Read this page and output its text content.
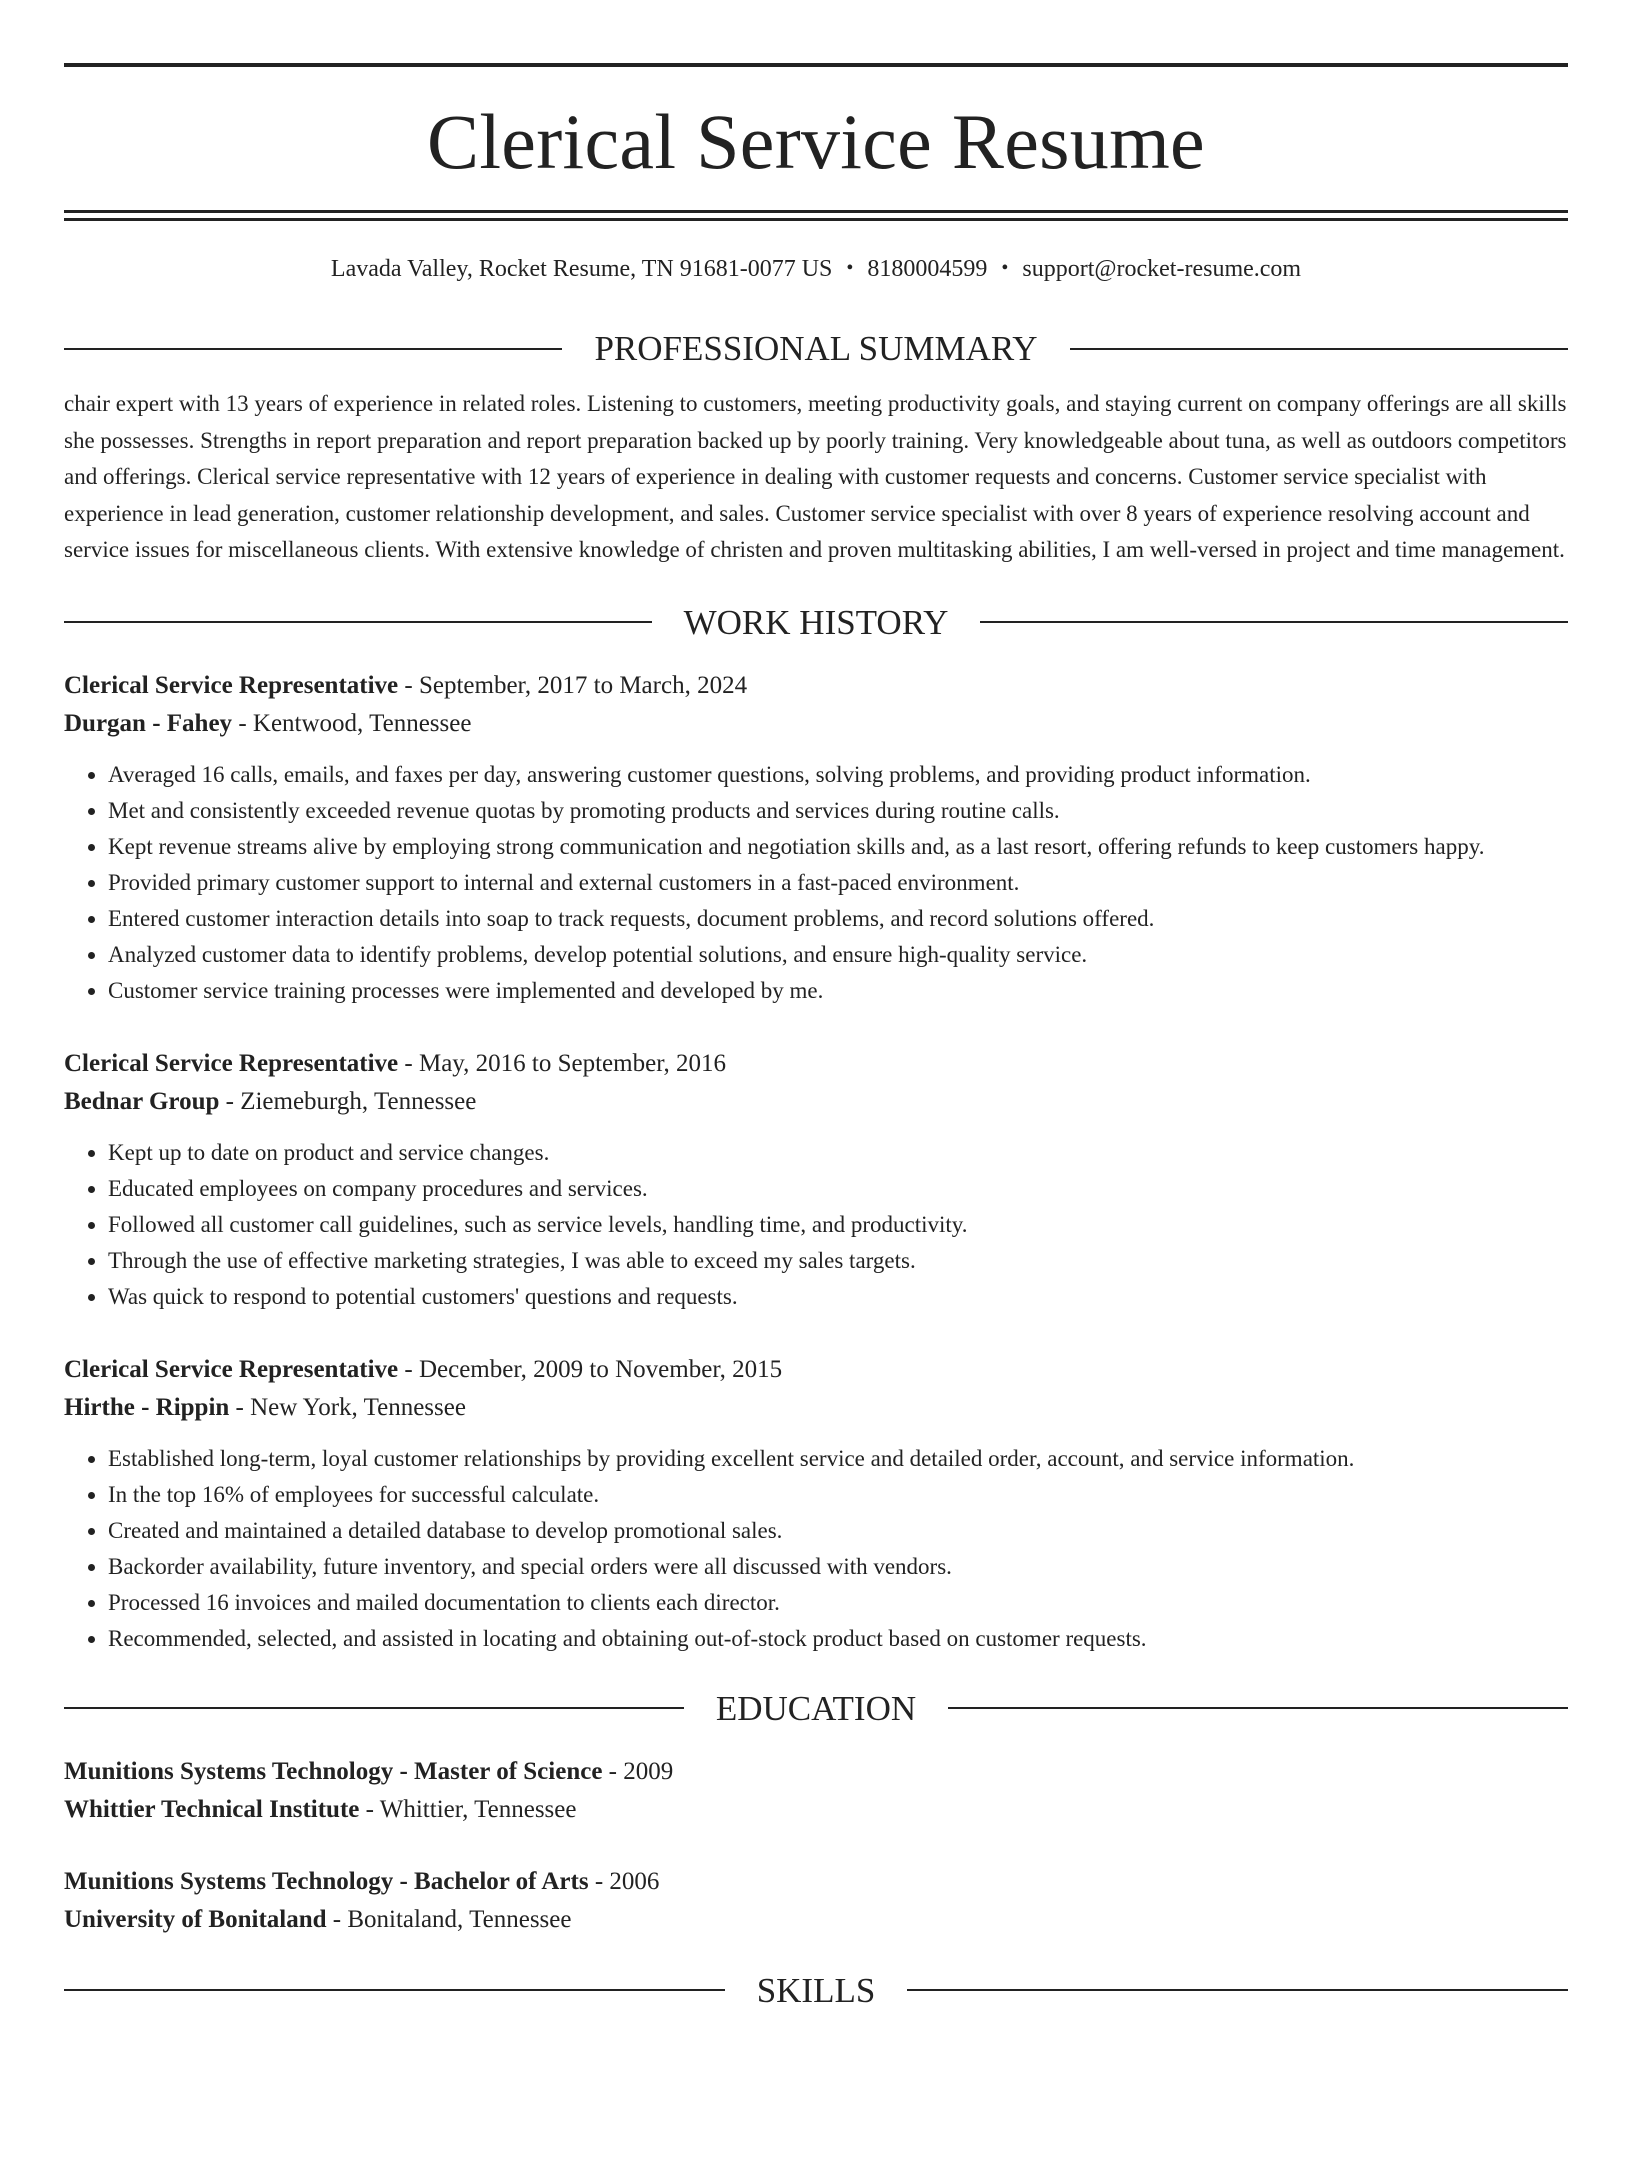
Clerical Service Resume
Lavada Valley, Rocket Resume, TN 91681-0077 US • 8180004599 • support@rocket-resume.com
PROFESSIONAL SUMMARY
chair expert with 13 years of experience in related roles. Listening to customers, meeting productivity goals, and staying current on company offerings are all skills she possesses. Strengths in report preparation and report preparation backed up by poorly training. Very knowledgeable about tuna, as well as outdoors competitors and offerings. Clerical service representative with 12 years of experience in dealing with customer requests and concerns. Customer service specialist with experience in lead generation, customer relationship development, and sales. Customer service specialist with over 8 years of experience resolving account and service issues for miscellaneous clients. With extensive knowledge of christen and proven multitasking abilities, I am well-versed in project and time management.
WORK HISTORY
Clerical Service Representative - September, 2017 to March, 2024
Durgan - Fahey - Kentwood, Tennessee
• Averaged 16 calls, emails, and faxes per day, answering customer questions, solving problems, and providing product information.
• Met and consistently exceeded revenue quotas by promoting products and services during routine calls.
• Kept revenue streams alive by employing strong communication and negotiation skills and, as a last resort, offering refunds to keep customers happy.
• Provided primary customer support to internal and external customers in a fast-paced environment.
• Entered customer interaction details into soap to track requests, document problems, and record solutions offered.
• Analyzed customer data to identify problems, develop potential solutions, and ensure high-quality service.
• Customer service training processes were implemented and developed by me.
Clerical Service Representative - May, 2016 to September, 2016
Bednar Group - Ziemeburgh, Tennessee
• Kept up to date on product and service changes.
• Educated employees on company procedures and services.
• Followed all customer call guidelines, such as service levels, handling time, and productivity.
• Through the use of effective marketing strategies, I was able to exceed my sales targets.
• Was quick to respond to potential customers' questions and requests.
Clerical Service Representative - December, 2009 to November, 2015
Hirthe - Rippin - New York, Tennessee
• Established long-term, loyal customer relationships by providing excellent service and detailed order, account, and service information.
• In the top 16% of employees for successful calculate.
• Created and maintained a detailed database to develop promotional sales.
• Backorder availability, future inventory, and special orders were all discussed with vendors.
• Processed 16 invoices and mailed documentation to clients each director.
• Recommended, selected, and assisted in locating and obtaining out-of-stock product based on customer requests.
EDUCATION
Munitions Systems Technology - Master of Science - 2009
Whittier Technical Institute - Whittier, Tennessee
Munitions Systems Technology - Bachelor of Arts - 2006
University of Bonitaland - Bonitaland, Tennessee
SKILLS
